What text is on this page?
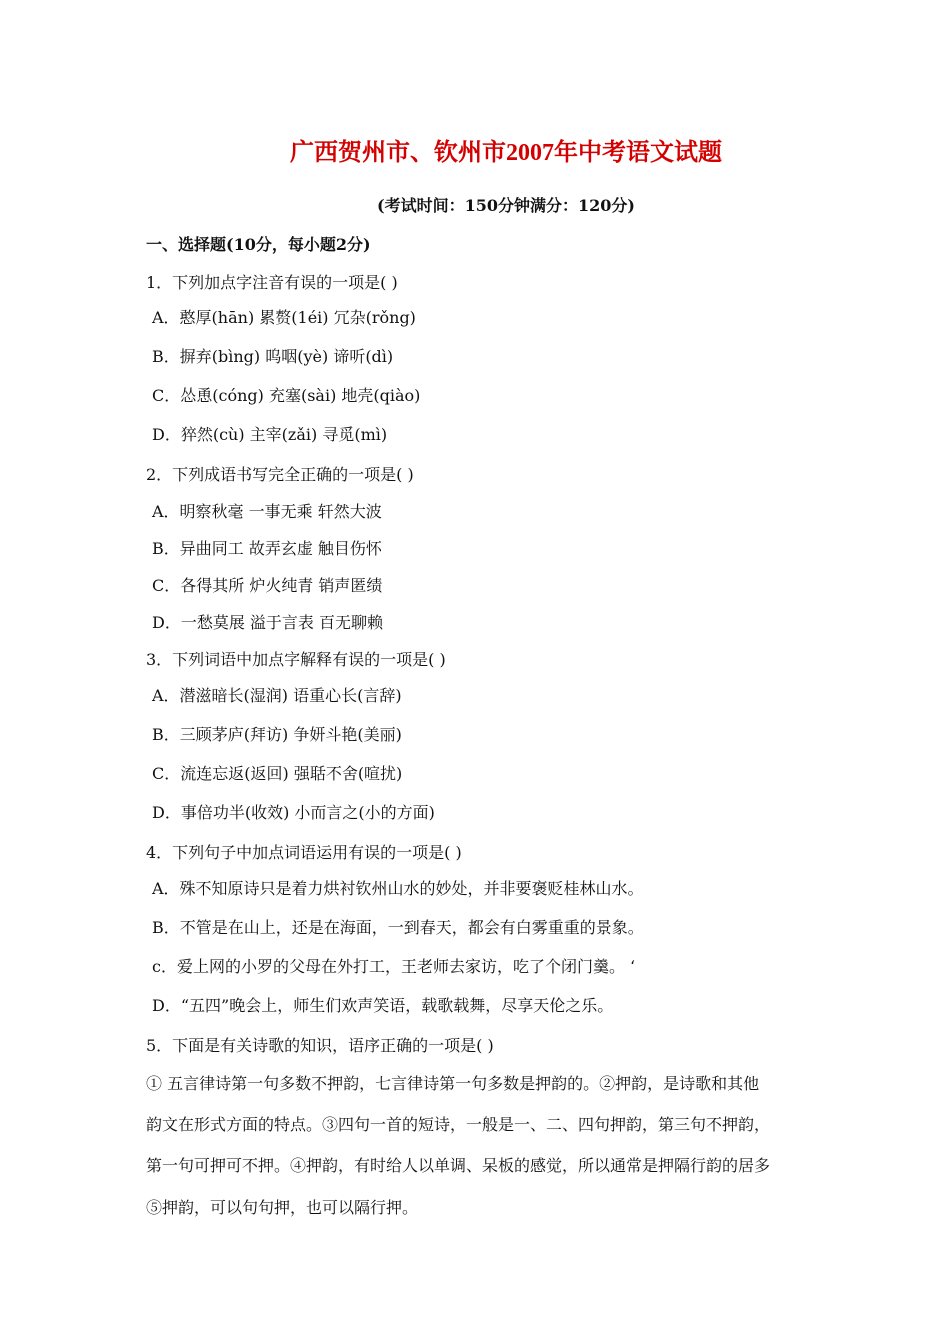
广西贺州市、钦州市2007年中考语文试题
(考试时间：150分钟满分：120分)
一、选择题(10分，每小题2分)
1．下列加点字注音有误的一项是( )
A．憨厚(hān) 累赘(1éi) 冗杂(rǒng)
B．摒弃(bìng) 呜咽(yè) 谛听(dì)
C．怂恿(cóng) 充塞(sài) 地壳(qiào)
D．猝然(cù) 主宰(zǎi) 寻觅(mì)
2．下列成语书写完全正确的一项是( )
A．明察秋毫 一事无乘 轩然大波
B．异曲同工 故弄玄虚 触目伤怀
C．各得其所 炉火纯青 销声匿绩
D．一愁莫展 溢于言表 百无聊赖
3．下列词语中加点字解释有误的一项是( )
A．潜滋暗长(湿润) 语重心长(言辞)
B．三顾茅庐(拜访) 争妍斗艳(美丽)
C．流连忘返(返回) 强聒不舍(喧扰)
D．事倍功半(收效) 小而言之(小的方面)
4．下列句子中加点词语运用有误的一项是( )
A．殊不知原诗只是着力烘衬钦州山水的妙处，并非要褒贬桂林山水。
B．不管是在山上，还是在海面，一到春天，都会有白雾重重的景象。
c．爱上网的小罗的父母在外打工，王老师去家访，吃了个闭门羹。 ‘
D．“五四”晚会上，师生们欢声笑语，载歌载舞，尽享天伦之乐。
5．下面是有关诗歌的知识，语序正确的一项是( )
① 五言律诗第一句多数不押韵，七言律诗第一句多数是押韵的。②押韵，是诗歌和其他
韵文在形式方面的特点。③四句一首的短诗，一般是一、二、四句押韵，第三句不押韵，
第一句可押可不押。④押韵，有时给人以单调、呆板的感觉，所以通常是押隔行韵的居多
⑤押韵，可以句句押，也可以隔行押。
